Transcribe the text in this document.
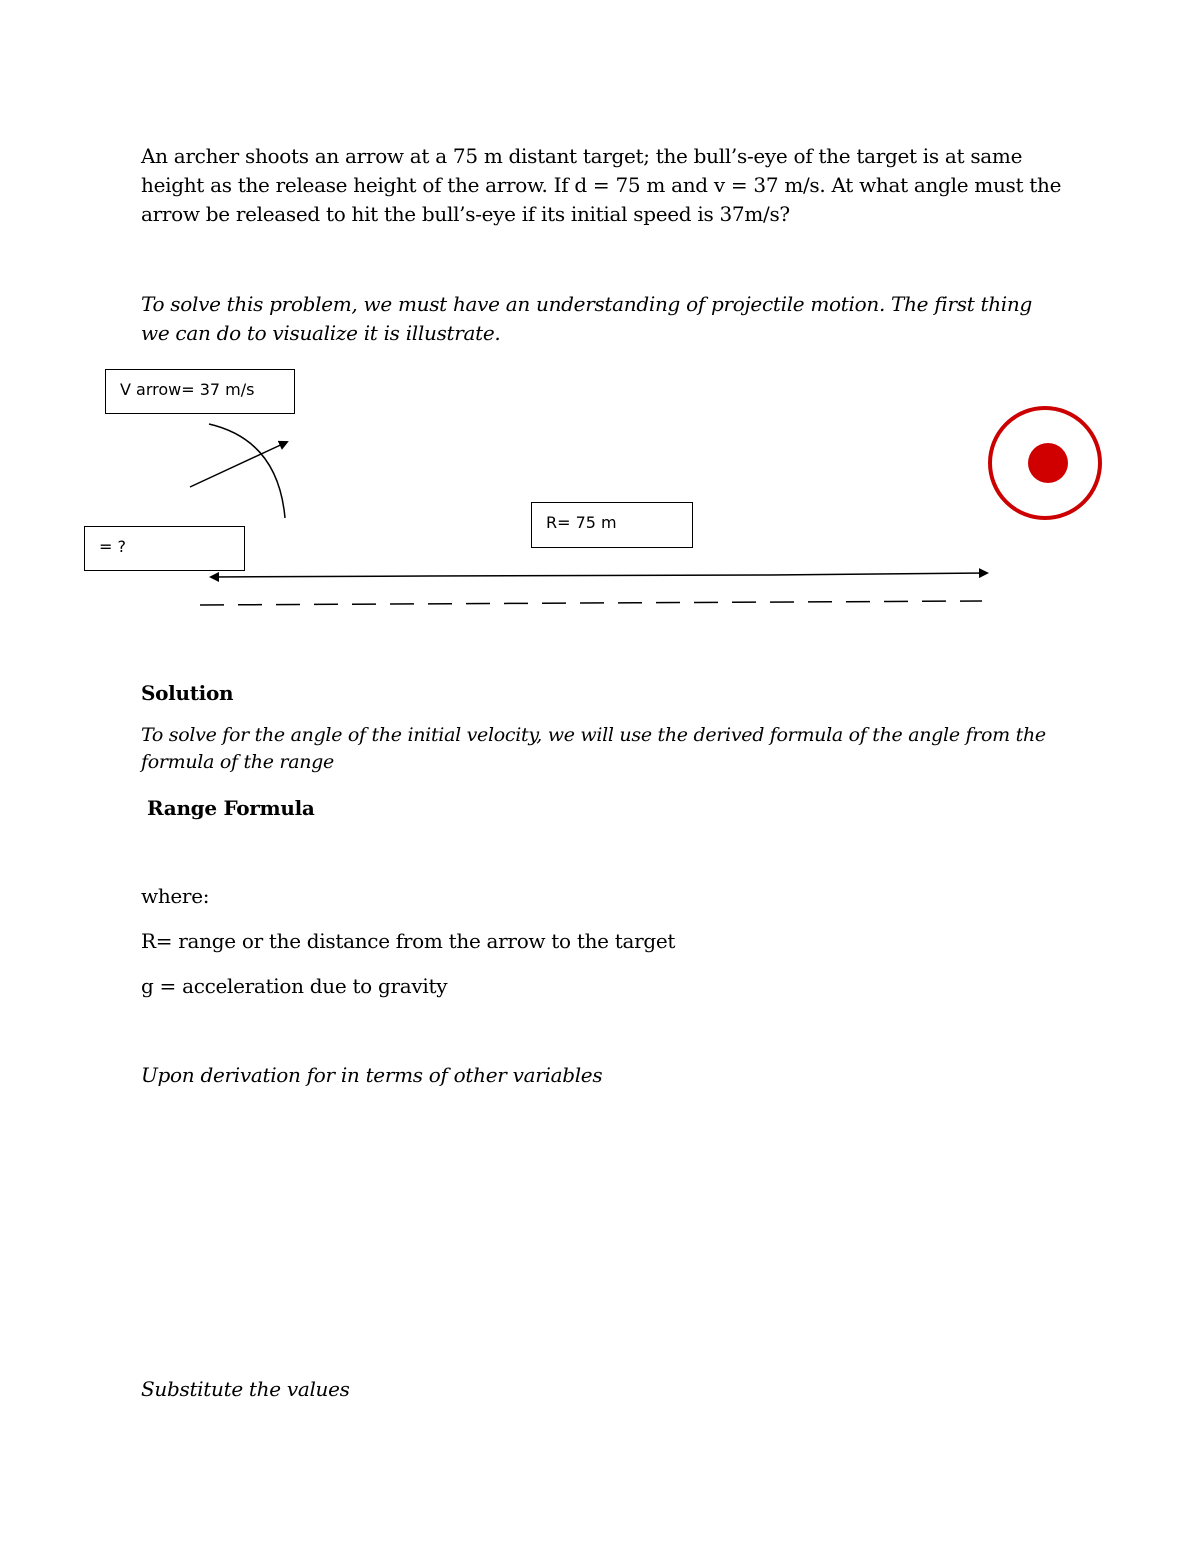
An archer shoots an arrow at a 75 m distant target; the bull’s-eye of the target is at same height as the release height of the arrow. If d = 75 m and v = 37 m/s. At what angle must the arrow be released to hit the bull’s-eye if its initial speed is 37m/s?

To solve this problem, we must have an understanding of projectile motion. The first thing we can do to visualize it is illustrate.

V arrow= 37 m/s
= ?
R= 75 m

Solution

To solve for the angle of the initial velocity, we will use the derived formula of the angle from the formula of the range

Range Formula

where:

R= range or the distance from the arrow to the target

g = acceleration due to gravity

Upon derivation for in terms of other variables

Substitute the values
